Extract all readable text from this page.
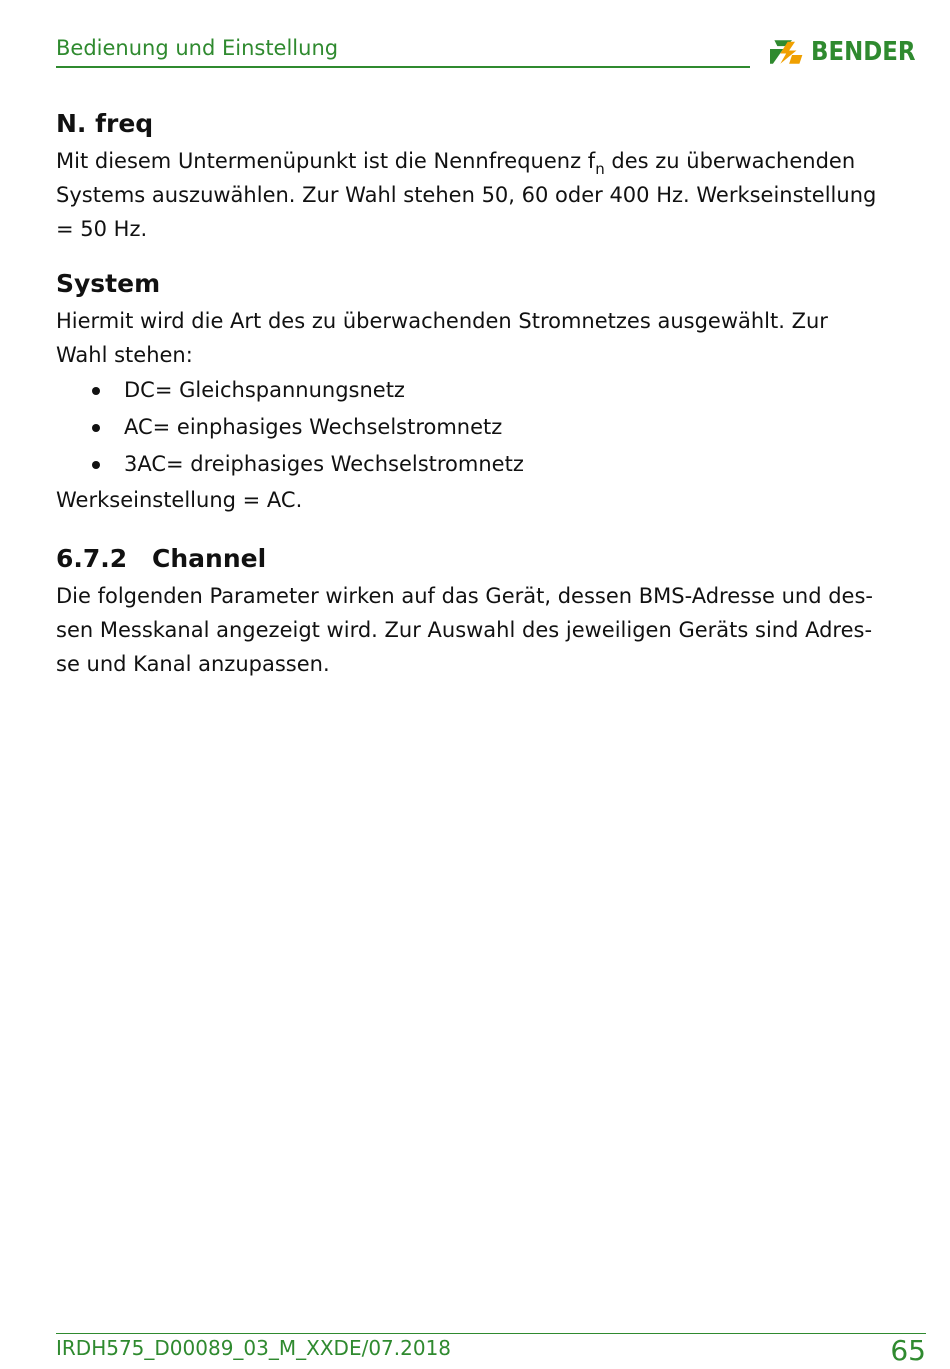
Bedienung und Einstellung	BENDER
N. freq

Mit diesem Untermenüpunkt ist die Nennfrequenz $f_n$ des zu überwachenden

Systems auszuwählen. Zur Wahl stehen 50, 60 oder 400 Hz. Werkseinstellung

= 50 Hz.

System

Hiermit wird die Art des zu überwachenden Stromnetzes ausgewählt. Zur

Wahl stehen:

DC= Gleichspannungsnetz
AC= einphasiges Wechselstromnetz
3AC= dreiphasiges Wechselstromnetz

Werkseinstellung = AC.

6.7.2 Channel

Die folgenden Parameter wirken auf das Gerät, dessen BMS-Adresse und des-

sen Messkanal angezeigt wird. Zur Auswahl des jeweiligen Geräts sind Adres-

se und Kanal anzupassen.

IRDH575_D00089_03_M_XXDE/07.2018	65
